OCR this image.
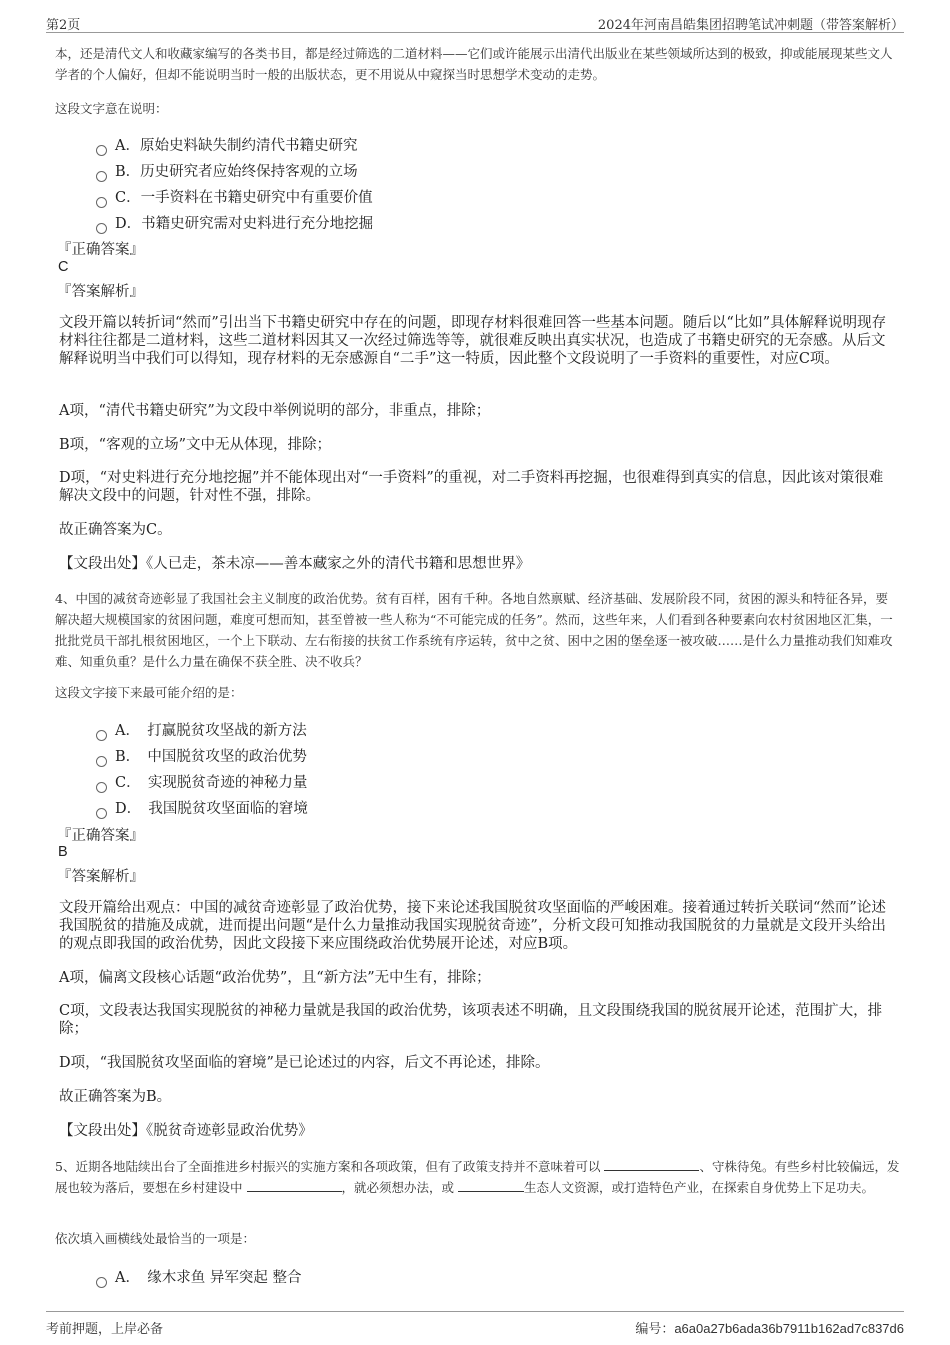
第2页	2024年河南昌皓集团招聘笔试冲刺题（带答案解析）
本，还是清代文人和收藏家编写的各类书目，都是经过筛选的二道材料——它们或许能展示出清代出版业在某些领域所达到的极致，抑或能展现某些文人学者的个人偏好，但却不能说明当时一般的出版状态，更不用说从中窥探当时思想学术变动的走势。
这段文字意在说明：
A．原始史料缺失制约清代书籍史研究
B．历史研究者应始终保持客观的立场
C．一手资料在书籍史研究中有重要价值
D．书籍史研究需对史料进行充分地挖掘
『正确答案』
C
『答案解析』
文段开篇以转折词“然而”引出当下书籍史研究中存在的问题，即现存材料很难回答一些基本问题。随后以“比如”具体解释说明现存材料往往都是二道材料，这些二道材料因其又一次经过筛选等等，就很难反映出真实状况，也造成了书籍史研究的无奈感。从后文解释说明当中我们可以得知，现存材料的无奈感源自“二手”这一特质，因此整个文段说明了一手资料的重要性，对应C项。
A项，“清代书籍史研究”为文段中举例说明的部分，非重点，排除；
B项，“客观的立场”文中无从体现，排除；
D项，“对史料进行充分地挖掘”并不能体现出对“一手资料”的重视，对二手资料再挖掘，也很难得到真实的信息，因此该对策很难解决文段中的问题，针对性不强，排除。
故正确答案为C。
【文段出处】《人已走，茶未凉——善本藏家之外的清代书籍和思想世界》
4、中国的减贫奇迹彰显了我国社会主义制度的政治优势。贫有百样，困有千种。各地自然禀赋、经济基础、发展阶段不同，贫困的源头和特征各异，要解决超大规模国家的贫困问题，难度可想而知，甚至曾被一些人称为“不可能完成的任务”。然而，这些年来，人们看到各种要素向农村贫困地区汇集，一批批党员干部扎根贫困地区，一个上下联动、左右衔接的扶贫工作系统有序运转，贫中之贫、困中之困的堡垒逐一被攻破……是什么力量推动我们知难攻难、知重负重？是什么力量在确保不获全胜、决不收兵？
这段文字接下来最可能介绍的是：
A．　打赢脱贫攻坚战的新方法
B．　中国脱贫攻坚的政治优势
C．　实现脱贫奇迹的神秘力量
D．　我国脱贫攻坚面临的窘境
『正确答案』
B
『答案解析』
文段开篇给出观点：中国的减贫奇迹彰显了政治优势，接下来论述我国脱贫攻坚面临的严峻困难。接着通过转折关联词“然而”论述我国脱贫的措施及成就，进而提出问题“是什么力量推动我国实现脱贫奇迹”，分析文段可知推动我国脱贫的力量就是文段开头给出的观点即我国的政治优势，因此文段接下来应围绕政治优势展开论述，对应B项。
A项，偏离文段核心话题“政治优势”，且“新方法”无中生有，排除；
C项，文段表达我国实现脱贫的神秘力量就是我国的政治优势，该项表述不明确，且文段围绕我国的脱贫展开论述，范围扩大，排除；
D项，“我国脱贫攻坚面临的窘境”是已论述过的内容，后文不再论述，排除。
故正确答案为B。
【文段出处】《脱贫奇迹彰显政治优势》
5、近期各地陆续出台了全面推进乡村振兴的实施方案和各项政策，但有了政策支持并不意味着可以	、守株待兔。有些乡村比较偏远，发展也较为落后，要想在乡村建设中	，就必须想办法，或	生态人文资源，或打造特色产业，在探索自身优势上下足功夫。
依次填入画横线处最恰当的一项是：
A．　缘木求鱼 异军突起 整合
考前押题，上岸必备	编号：a6a0a27b6ada36b7911b162ad7c837d6
